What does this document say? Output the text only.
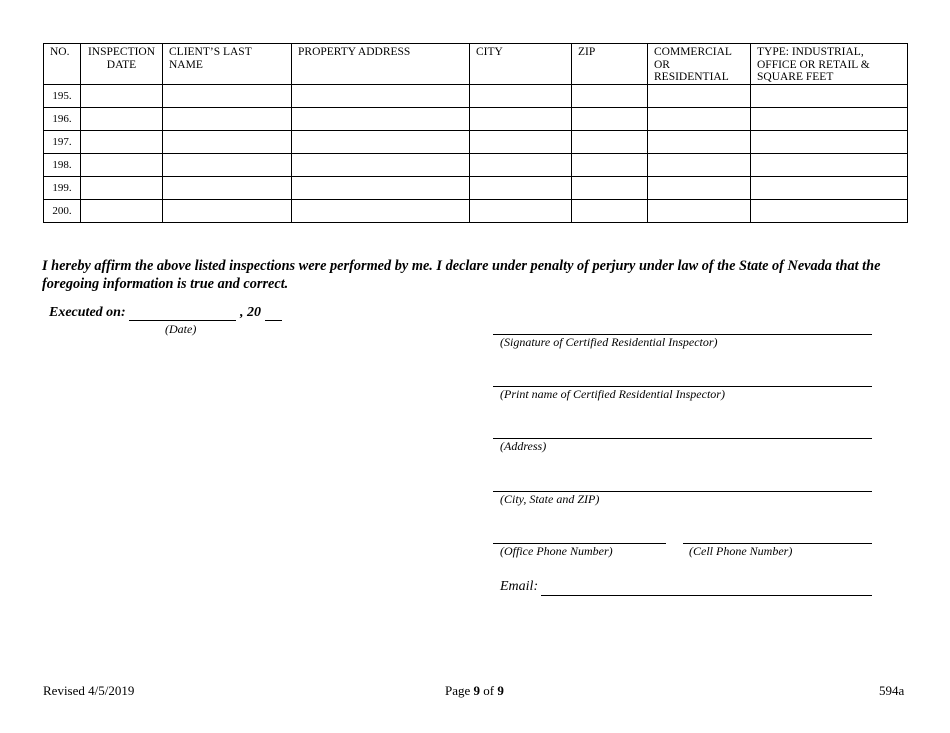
NO.	INSPECTION DATE	CLIENT’S LAST NAME	PROPERTY ADDRESS	CITY	ZIP	COMMERCIAL OR RESIDENTIAL	TYPE: INDUSTRIAL, OFFICE OR RETAIL & SQUARE FEET
195.							
196.							
197.							
198.							
199.							
200.							
I hereby affirm the above listed inspections were performed by me. I declare under penalty of perjury under law of the State of Nevada that the foregoing information is true and correct.
Executed on:	, 20
(Date)
(Signature of Certified Residential Inspector)
(Print name of Certified Residential Inspector)
(Address)
(City, State and ZIP)
(Office Phone Number)	(Cell Phone Number)
Email:
Revised 4/5/2019	Page 9 of 9	594a
